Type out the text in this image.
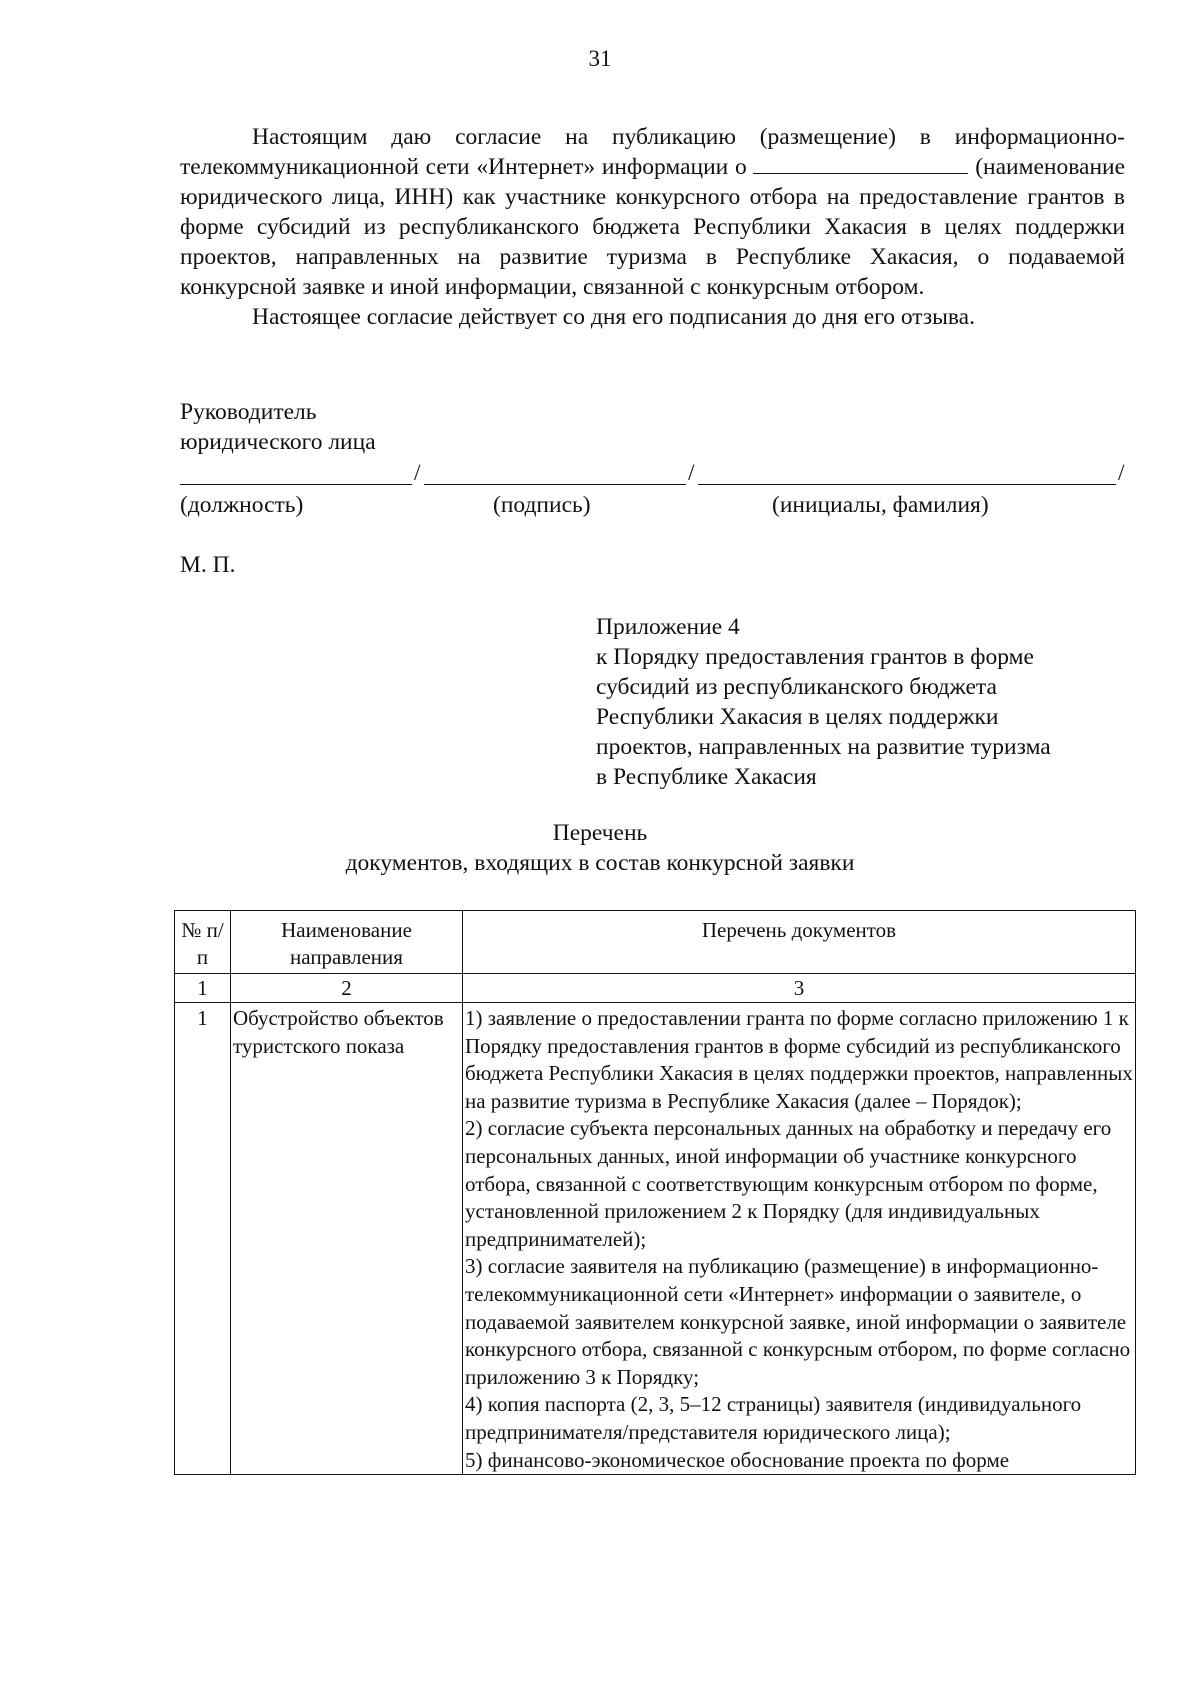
31

Настоящим даю согласие на публикацию (размещение) в информационно-телекоммуникационной сети «Интернет» информации о	(наименование юридического лица, ИНН) как участнике конкурсного отбора на предоставление грантов в форме субсидий из республиканского бюджета Республики Хакасия в целях поддержки проектов, направленных на развитие туризма в Республике Хакасия, о подаваемой конкурсной заявке и иной информации, связанной с конкурсным отбором.

Настоящее согласие действует со дня его подписания до дня его отзыва.

Руководитель
юридического лица
/	/	/
(должность)	(подпись)	(инициалы, фамилия)
М. П.
Приложение 4
к Порядку предоставления грантов в форме
субсидий из республиканского бюджета
Республики Хакасия в целях поддержки
проектов, направленных на развитие туризма
в Республике Хакасия
Перечень
документов, входящих в состав конкурсной заявки
№ п/п	Наименование направления	Перечень документов
1	2	3
1	Обустройство объектов туристского показа	1) заявление о предоставлении гранта по форме согласно приложению 1 к Порядку предоставления грантов в форме субсидий из республиканского бюджета Республики Хакасия в целях поддержки проектов, направленных на развитие туризма в Республике Хакасия (далее – Порядок);
2) согласие субъекта персональных данных на обработку и передачу его персональных данных, иной информации об участнике конкурсного отбора, связанной с соответствующим конкурсным отбором по форме, установленной приложением 2 к Порядку (для индивидуальных предпринимателей);
3) согласие заявителя на публикацию (размещение) в информационно-телекоммуникационной сети «Интернет» информации о заявителе, о подаваемой заявителем конкурсной заявке, иной информации о заявителе конкурсного отбора, связанной с конкурсным отбором, по форме согласно приложению 3 к Порядку;
4) копия паспорта (2, 3, 5–12 страницы) заявителя (индивидуального предпринимателя/представителя юридического лица);
5) финансово-экономическое обоснование проекта по форме
